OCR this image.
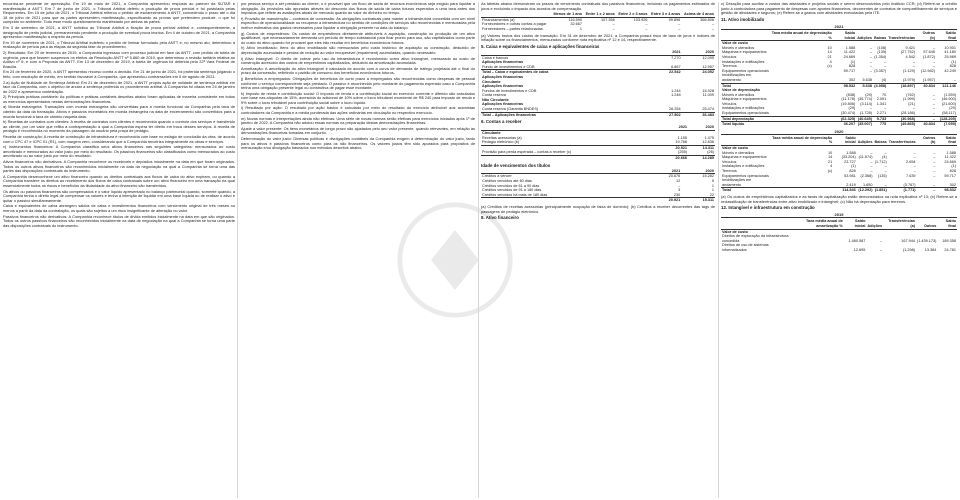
encontra-se pendente de apreciação. Em 19 de maio de 2021, a Companhia apresentou resposta ao parecer da SUTAR e manifestação à ANTT. Em 7 de junho de 2021, o Tribunal Arbitral deferiu a produção de prova pericial e foi postulada pelas Requerentes. Em 15 de julho de 2021, o Tribunal Arbitral reiterou o pedido de esclarecimento à ANTT, concedendo o prazo até o dia 18 de julho de 2021 para que as partes apresentem manifestação, especificando as provas que pretendem produzir, o que foi cumprido no ambiente. Todo esse modo questionamento manifestado por ambas as partes.

Em 3 de setembro de 2021, a ANTT solicitou ao Tribunal Arbitral a fixação de prova pericial arbitral e, consequentemente, a designação de perito judicial, permanecendo pendente a produção de eventual prova técnica. Em 4 de outubro de 2021, a Companhia apresentou manifestação a respeito da perícia.

Em 19 de novembro de 2021, o Tribunal Arbitral indeferiu o pedido de liminar formulado pela ANTT e, no mesmo ato, determinou a realização de perícia para as etapas da segunda fase do procedimento.

2) Resultado: Em 20 de fevereiro de 2019, a Companhia ingressou com processo judicial em face da ANTT, com pedido de tutela de urgência, para que fossem suspensos os efeitos da Resolução ANTT nº 5.860 de 2019, que determinou a revisão tarifária relativa ao Aditivo nº 6, e com a Proposta da ANTT. Em 13 de dezembro de 2019, a tutela de urgência foi deferida pela 22ª Vara Federal de Brasília.

Em 24 de fevereiro de 2020, a ANTT apresentou recurso contra a decisão. Em 21 de junho de 2021, foi proferida sentença julgando o feito, com resolução de mérito, em sentido favorável à Companhia, que apresentou contrarrazões em 5 de agosto de 2021.

2.a) Ação de Nulidade de Sentença Arbitral: Em 21 de dezembro de 2021, a ANTT propôs ação de nulidade de sentença arbitral em face da Companhia, com o objetivo de anular a sentença proferida no procedimento arbitral. A Companhia foi citada em 24 de janeiro de 2022 e apresentou contestação.

2) Principais práticas contábeis: As políticas e práticas contábeis descritas abaixo foram aplicadas de maneira consistente em todos os exercícios apresentados nestas demonstrações financeiras.

a) Moeda estrangeira: Transações com moeda estrangeira são convertidas para a moeda funcional da Companhia pela taxa de câmbio da data da transação. Ativos e passivos monetários em moeda estrangeira na data de encerramento são convertidos para a moeda funcional à taxa de câmbio naquela data.

b) Receitas de contratos com clientes: A receita de contratos com clientes é reconhecida quando o controle dos serviços é transferido ao cliente, por um valor que reflita a contraprestação à qual a Companhia espera ter direito em troca desses serviços. A receita de pedágio é reconhecida no momento da passagem do usuário pela praça de pedágio.

Receita de construção: A receita de construção de infraestrutura é reconhecida com base no estágio de conclusão da obra, de acordo com o CPC 47 e ICPC 01 (R1), com margem zero, considerando que a Companhia terceiriza integralmente as obras e serviços.

c) Instrumentos financeiros: A Companhia classifica seus ativos financeiros nas seguintes categorias: mensurados ao custo amortizado e mensurados ao valor justo por meio do resultado. Os passivos financeiros são classificados como mensurados ao custo amortizado ou ao valor justo por meio do resultado.

Ativos financeiros não derivativos: A Companhia reconhece os recebíveis e depósitos inicialmente na data em que foram originados. Todos os outros ativos financeiros são reconhecidos inicialmente na data da negociação na qual a Companhia se torna uma das partes das disposições contratuais do instrumento.

A Companhia desreconhece um ativo financeiro quando os direitos contratuais aos fluxos de caixa do ativo expiram, ou quando a Companhia transfere os direitos ao recebimento dos fluxos de caixa contratuais sobre um ativo financeiro em uma transação na qual essencialmente todos os riscos e benefícios da titularidade do ativo financeiro são transferidos.

Os ativos ou passivos financeiros são compensados e o valor líquido apresentado no balanço patrimonial quando, somente quando, a Companhia tenha o direito legal de compensar os valores e tenha a intenção de liquidar em uma base líquida ou de realizar o ativo e quitar o passivo simultaneamente.

Caixa e equivalentes de caixa abrangem saldos de caixa e investimentos financeiros com vencimento original de três meses ou menos a partir da data da contratação, os quais são sujeitos a um risco insignificante de alteração no valor.

Passivos financeiros não derivativos: A Companhia reconhece títulos de dívida emitidos inicialmente na data em que são originados. Todos os outros passivos financeiros são reconhecidos inicialmente na data de negociação na qual a Companhia se torna uma parte das disposições contratuais do instrumento.

por pessoa serviço a ser prestado ao cliente, o é provável que um fluxo de saída de recursos econômicos seja exigido para liquidar a obrigação. As provisões são apuradas através do desconto dos fluxos de saída de caixa futuros esperados a uma taxa antes dos impostos que reflete as avaliações atuais de mercado quanto ao valor do dinheiro no tempo.

f) Provisão de manutenção – contratos de concessão: As obrigações contratuais para manter a infraestrutura concedida com um nível específico de operacionalidade ou recuperar a infraestrutura no sentido de condições de serviços são reconhecidas e mensuradas pela melhor estimativa dos gastos necessários para liquidar a obrigação presente na data do balanço.

g) Custos de empréstimos: Os custos de empréstimos diretamente atribuíveis à aquisição, construção ou produção de um ativo qualificável, que necessariamente demanda um período de tempo substancial para ficar pronto para uso, são capitalizados como parte do custo do ativo quando for provável que eles irão resultar em benefícios econômicos futuros.

h) Ativo imobilizado: Itens do ativo imobilizado são mensurados pelo custo histórico de aquisição ou construção, deduzido de depreciação acumulada e perdas de redução ao valor recuperável (impairment) acumuladas, quando necessário.

i) Ativo intangível: O direito de cobrar pelo uso da infraestrutura é reconhecido como ativo intangível, mensurado ao custo de construção acrescido dos custos de empréstimos capitalizados, deduzido da amortização acumulada.

Amortização: A amortização do ativo intangível é calculada de acordo com a curva de demanda de tráfego projetada até o final do prazo da concessão, refletindo o padrão de consumo dos benefícios econômicos futuros.

j) Benefícios a empregados: Obrigações de benefícios de curto prazo a empregados são reconhecidas como despesas de pessoal conforme o serviço correspondente seja prestado. O passivo é reconhecido pelo montante do pagamento esperado caso a Companhia tenha uma obrigação presente legal ou construtiva de pagar esse montante.

k) Imposto de renda e contribuição social: O imposto de renda e a contribuição social do exercício corrente e diferido são calculados com base nas alíquotas de 15%, acrescida do adicional de 10% sobre o lucro tributável excedente de R$ 240 para imposto de renda e 9% sobre o lucro tributável para contribuição social sobre o lucro líquido.

l) Resultado por ação: O resultado por ação básico é calculado por meio do resultado do exercício atribuível aos acionistas controladores da Companhia e a média ponderada das ações ordinárias em circulação no respectivo exercício.

m) Novas normas e interpretações ainda não efetivas: Uma série de novas normas serão efetivas para exercícios iniciados após 1º de janeiro de 2022. A Companhia não adotou essas normas na preparação destas demonstrações financeiras.

Ajuste a valor presente: Os itens monetários de longo prazo são ajustados pelo seu valor presente, quando relevantes, em relação às demonstrações financeiras tomadas em conjunto.

Determinação do valor justo: Diversas políticas e divulgações contábeis da Companhia exigem a determinação do valor justo, tanto para os ativos e passivos financeiros como para os não financeiros. Os valores justos têm sido apurados para propósitos de mensuração e/ou divulgação baseados nos métodos descritos abaixo.

As tabelas abaixo demonstram os prazos de vencimento contratuais dos passivos financeiros, incluindo os pagamentos estimados de juros e excluindo o impacto dos acordos de compensação.

	Menos de 1 ano	Entre 1 e 2 anos	Entre 2 e 3 anos	Entre 3 e 4 anos	Acima de 4 anos
Financiamentos (a)	116.590	107.356	103.926	99.896	366.806
Fornecedores e outras contas a pagar	32.667	–	–	–	–
Fornecedores – partes relacionadas	1	–	–	–	–

(a) Valores brutos dos custos de transação. Em 31 de dezembro de 2021, a Companhia possui risco de taxa de juros e índices de inflação sobre os financiamentos, mensurados conforme nota explicativa nº 12 e 14, respectivamente.

5. Caixa e equivalentes de caixa e aplicações financeiras
	2021	2020
Caixa e bancos	7.270	12.095
Aplicações financeiras		
Fundo de investimentos e CDB	6.867	12.957
Total – Caixa e equivalentes de caixa	22.542	24.052
Aplicações financeiras		
Circulante		
Aplicações financeiras		
Fundos de investimentos e CDB	1.244	15.928
Conta reserva	1.248	11.009
Não Circulante		
Aplicações financeiras		
Conta reserva (Garantia BNDES)	26.254	25.474
Total – Aplicações financeiras	27.502	36.483
6. Contas a receber
	2021	2020
Circulante		
Receitas acessórias (a)	1.155	1.475
Pedágio eletrônico (b)	19.766	12.836
	20.921	14.311
Provisão para perda esperada – contas a receber (c)	(255)	(26)
	20.666	14.285
Idade de vencimentos dos títulos
	2021	2020
Créditos a vencer	20.676	15.282
Créditos vencidos até 60 dias	12	5
Créditos vencidos de 61 a 90 dias	–	1
Créditos vencidos de 91 a 180 dias	3	1
Créditos vencidos há mais de 180 dias	230	22
	20.921	15.311

(a) Créditos de receitas acessórias (principalmente ocupação de faixa de domínio); (b) Créditos a receber decorrentes das tags de passagens de pedágio eletrônico.

8. Ativo financeiro

c) Desação para auxiliar a custos das atividades e projetos sociais e serem desenvolvidos pelo Instituto CCR; (d) Refere-se a crédito junto à controladora para pagamento de despesas com aportes financeiros, decorrentes de contratos de compartilhamento de serviços e gestão de atividades e seguros; (e) Refere-se a gastos com atividades executadas pela ITE.

11. Ativo imobilizado
2021
	Taxa média anual de depreciação %	Saldo inicial	Adições	Baixas	Transferências	Outros (b)	Saldo final
Valor de custo							
Móveis e utensílios	10	1.588	–	(108)	9.421	–	10.901
Máquinas e equipamentos	14	11.422	–	(135)	(27.752)	57.645	41.180
Veículos	21	24.669	–	(1.354)	4.542	(1.872)	25.989
Instalações e edificações	4	(1)	–	–	–	–	(1)
Terrenos	(c)	828	–	–	–	–	828
Equipamentos operacionais		59.717	–	(3.357)	(1.129)	(12.982)	42.249
Imobilizações em andamento		302	5.638	(4)	(3.979)	(1.957)	–
Total		98.532	5.638	(4.958)	(18.897)	40.834	121.146
Valor de depreciação							
Móveis e utensílios		(838)	(29)	70	(762)	–	(1.559)
Máquinas e equipamentos		(11.178)	(35.774)	2.051	(1.999)	–	(46.900)
Veículos		(19.806)	(3.114)	1.341	(21)	–	(21.600)
Instalações e edificações		(29)	–	–	–	–	(29)
Equipamentos operacionais		(30.474)	(1.728)	2.271	(28.186)	–	(58.117)
Total depreciação		(62.325)	(40.645)	5.733	(30.968)	–	(128.205)
Total líquido		36.207	(35.007)	775	(49.865)	40.834	(7.059)
2020
	Taxa média anual de depreciação %	Saldo inicial	Adições	Baixas	Transferências	Outros (b)	Saldo final
Valor de custo							
Móveis e utensílios	10	1.588	–	–	–	–	1.588
Máquinas e equipamentos	14	(33.204)	(11.574)	(4)	–	–	11.422
Veículos	21	23.727	–	(1.712)	2.654	–	24.669
Instalações e edificações	4	(1)	–	–	–	–	(1)
Terrenos	(c)	828	–	–	–	–	828
Equipamentos operacionais		53.981	(2.368)	(135)	7.639	–	59.717
Imobilizações em andamento		2.419	1.650	–	(3.767)	–	302
Total		114.546	(12.292)	(1.851)	(1.771)	–	98.532

(a) Os custos de empréstimos capitalizados e as taxas de capitalização estão demonstrados na nota explicativa nº 13; (b) Refere-se a reclassificação de transferências entre ativo imobilizado e intangível; (c) Não há depreciação para terrenos.

12. Intangível e infraestrutura em construção
2019
	Taxa média anual de amortização %	Saldo inicial	Adições	Transferências (a)	Outros	Saldo final
Valor de custo						
Direitos de exploração da infraestrutura concedida		1.460.587	–	167.944	(1.439.173)	189.358
Direitos de uso de sistemas informatizados		12.695	–	(1.298)	13.384	24.781
